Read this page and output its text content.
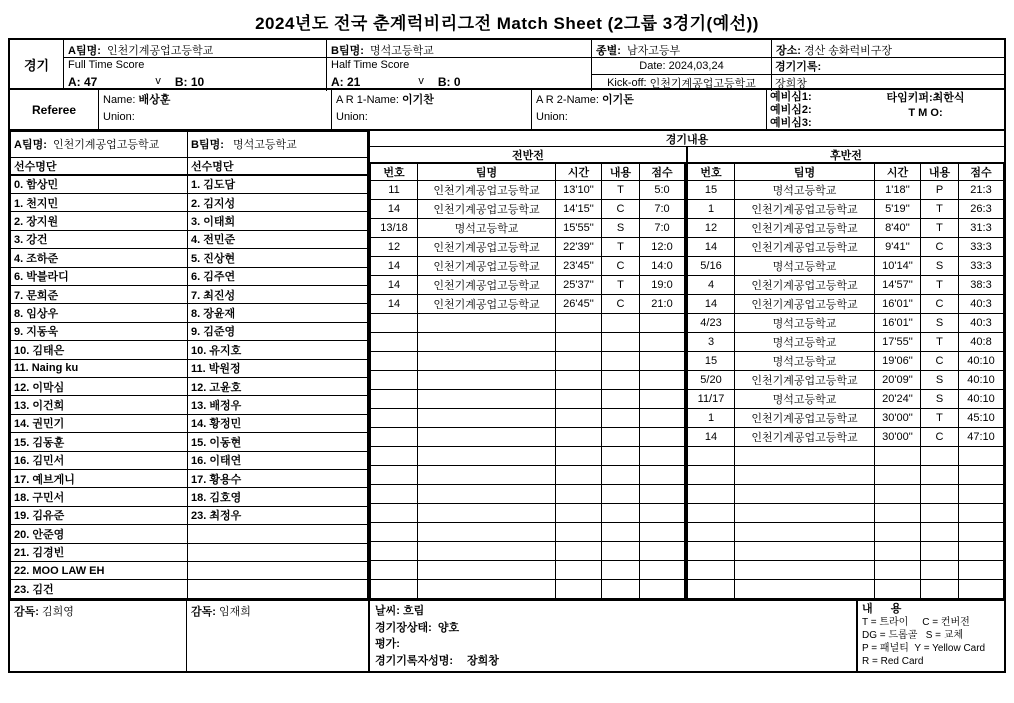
2024년도 전국 춘계럭비리그전 Match Sheet (2그룹 3경기(예선))
경기
A팀명: 인천기계공업고등학교	B팀명: 명석고등학교	종별: 남자고등부	장소: 경산 송화럭비구장
Full Time Score
A: 47	v B: 10
Half Time Score
A: 21	v B: 0
Date:
2024,03,24
Kick-off:
인천기계공업고등학교
경기기록:
장희창
Referee
Name: 배상훈
Union:
A R 1-Name: 이기찬
Union:
A R 2-Name: 이기돈
Union:
예비심1:
예비심2:
예비심3:
타임키퍼:최한식
T M O:
A팀명: 인천기계공업고등학교	B팀명: 명석고등학교
선수명단	선수명단
0. 함상민	1. 김도담
1. 천지민	2. 김지성
2. 장지원	3. 이태희
3. 강건	4. 전민준
4. 조하준	5. 진상현
6. 박블라디	6. 김주연
7. 문희준	7. 최진성
8. 임상우	8. 장윤재
9. 지동욱	9. 김준영
10. 김태은	10. 유지호
11. Naing ku	11. 박원정
12. 이막심	12. 고윤호
13. 이건희	13. 배정우
14. 권민기	14. 황정민
15. 김동훈	15. 이동현
16. 김민서	16. 이태연
17. 예브게니	17. 황용수
18. 구민서	18. 김호영
19. 김유준	23. 최정우
20. 안준영	
21. 김경빈	
22. MOO LAW EH	
23. 김건	
경기내용
전반전	후반전
번호	팀명	시간	내용	점수
11	인천기계공업고등학교	13'10''	T	5:0
14	인천기계공업고등학교	14'15''	C	7:0
13/18	명석고등학교	15'55''	S	7:0
12	인천기계공업고등학교	22'39''	T	12:0
14	인천기계공업고등학교	23'45''	C	14:0
14	인천기계공업고등학교	25'37''	T	19:0
14	인천기계공업고등학교	26'45''	C	21:0

번호	팀명	시간	내용	점수
15	명석고등학교	1'18''	P	21:3
1	인천기계공업고등학교	5'19''	T	26:3
12	인천기계공업고등학교	8'40''	T	31:3
14	인천기계공업고등학교	9'41''	C	33:3
5/16	명석고등학교	10'14''	S	33:3
4	인천기계공업고등학교	14'57''	T	38:3
14	인천기계공업고등학교	16'01''	C	40:3
4/23	명석고등학교	16'01''	S	40:3
3	명석고등학교	17'55''	T	40:8
15	명석고등학교	19'06''	C	40:10
5/20	인천기계공업고등학교	20'09''	S	40:10
11/17	명석고등학교	20'24''	S	40:10
1	인천기계공업고등학교	30'00''	T	45:10
14	인천기계공업고등학교	30'00''	C	47:10

감독: 김희영	감독: 임재희	날씨: 흐림
경기장상태: 양호
평가:
경기기록자성명: 장희창
내  용
T = 트라이     C = 컨버전
DG = 드롭골   S = 교체
P = 패널티  Y = Yellow Card
R = Red Card
